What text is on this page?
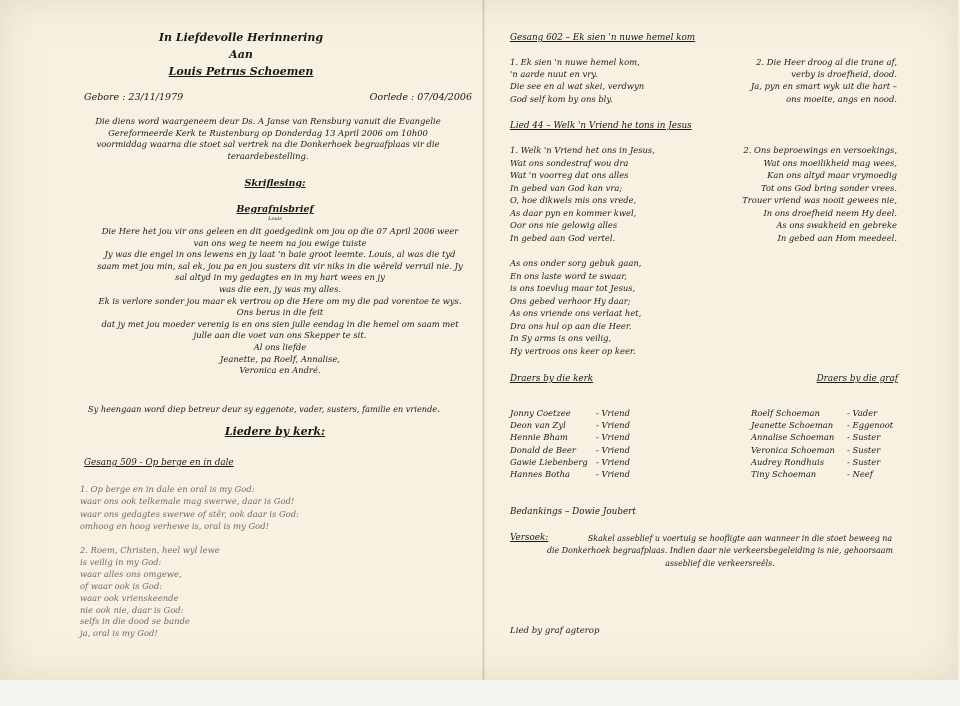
In Liefdevolle Herinnering
Aan
Louis Petrus Schoemen
Gebore : 23/11/1979	Oorlede : 07/04/2006
Die diens word waargeneem deur Ds. A Janse van Rensburg vanuit die Evangelie
Gereformeerde Kerk te Rustenburg op Donderdag 13 April 2006 om 10h00
voormiddag waarna die stoet sal vertrek na die Donkerhoek begraafplaas vir die
teraardebestelling.
Skriflesing:
Begrafnisbrief
Louis
Die Here het jou vir ons geleen en dit goedgedink om jou op die 07 April 2006 weer
van ons weg te neem na jou ewige tuiste
Jy was die engel in ons lewens en jy laat 'n baie groot leemte. Louis, al was die tyd
saam met jou min, sal ek, jou pa en jou susters dit vir niks in die wêreld verruil nie. Jy
sal altyd in my gedagtes en in my hart wees en jy
was die een, jy was my alles.
Ek is verlore sonder jou maar ek vertrou op die Here om my die pad vorentoe te wys.
Ons berus in die feit
dat jy met jou moeder verenig is en ons sien julle eendag in die hemel om saam met
julle aan die voet van ons Skepper te sit.
Al ons liefde
Jeanette, pa Roelf, Annalise,
Veronica en André.
Sy heengaan word diep betreur deur sy eggenote, vader, susters, familie en vriende.
Liedere by kerk:
Gesang 509 - Op berge en in dale
1. Op berge en in dale en oral is my God:
waar ons ook telkemale mag swerwe, daar is God!
waar ons gedagtes swerwe of stêr, ook daar is God:
omhoog en hoog verhewe is, oral is my God!
2. Roem, Christen, heel wyl lewe
is veilig in my God:
waar alles ons omgewe,
of waar ook is God:
waar ook vrienskeende
nie ook nie, daar is God:
selfs in die dood se bande
ja, oral is my God!
Gesang 602 – Ek sien 'n nuwe hemel kom
1. Ek sien 'n nuwe hemel kom,
'n aarde nuut en vry.
Die see en al wat skei, verdwyn
God self kom by ons bly.
2. Die Heer droog al die trane af,
verby is droefheid, dood.
Ja, pyn en smart wyk uit die hart –
ons moeite, angs en nood.
Lied 44 – Welk 'n Vriend he tons in Jesus
1. Welk 'n Vriend het ons in Jesus,
Wat ons sondestraf wou dra
Wat 'n voorreg dat ons alles
In gebed van God kan vra;
O, hoe dikwels mis ons vrede,
As daar pyn en kommer kwel,
Oor ons nie gelowig alles
In gebed aan God vertel.
2. Ons beproewings en versoekings,
Wat ons moeilikheid mag wees,
Kan ons altyd maar vrymoedig
Tot ons God bring sonder vrees.
Trouer vriend was nooit gewees nie,
In ons droefheid neem Hy deel.
As ons swakheid en gebreke
In gebed aan Hom meedeel.
As ons onder sorg gebuk gaan,
En ons laste word te swaar,
is ons toevlug maar tot Jesus,
Ons gebed verhoor Hy daar;
As ons vriende ons verlaat het,
Dra ons hul op aan die Heer.
In Sy arms is ons veilig,
Hy vertroos ons keer op keer.
Draers by die kerk	Draers by die graf
Jonny Coetzee	- Vriend
Deon van Zyl	- Vriend
Hennie Bham	- Vriend
Donald de Beer	- Vriend
Gawie Liebenberg - Vriend
Hannes Botha	- Vriend
Roelf Schoeman	- Vader
Jeanette Schoeman	- Eggenoot
Annalise Schoeman	- Suster
Veronica Schoeman	- Suster
Audrey Rondhuis	- Suster
Tiny Schoeman	- Neef
Bedankings – Dowie Joubert
Versoek:	Skakel asseblief u voertuig se hoofligte aan wanneer in die stoet beweeg na
die Donkerhoek begraafplaas. Indien daar nie verkeersbegeleiding is nie, gehoorsaam
asseblief die verkeersreëls.
Lied by graf agterop
